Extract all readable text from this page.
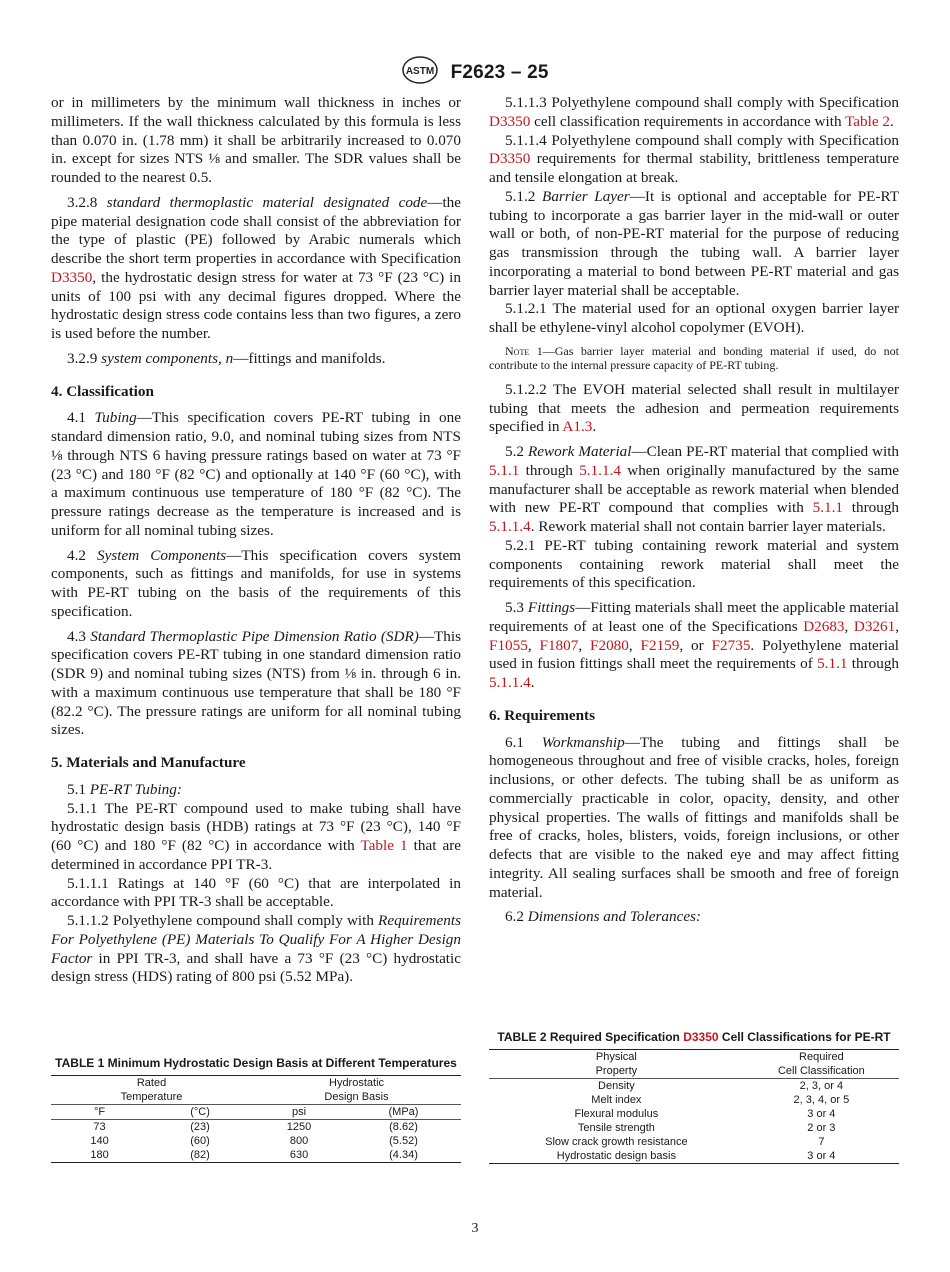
ASTM F2623 – 25

or in millimeters by the minimum wall thickness in inches or millimeters. If the wall thickness calculated by this formula is less than 0.070 in. (1.78 mm) it shall be arbitrarily increased to 0.070 in. except for sizes NTS ⅛ and smaller. The SDR values shall be rounded to the nearest 0.5.

3.2.8 standard thermoplastic material designated code—the pipe material designation code shall consist of the abbreviation for the type of plastic (PE) followed by Arabic numerals which describe the short term properties in accordance with Specification D3350, the hydrostatic design stress for water at 73 °F (23 °C) in units of 100 psi with any decimal figures dropped. Where the hydrostatic design stress code contains less than two figures, a zero is used before the number.

3.2.9 system components, n—fittings and manifolds.

4. Classification

4.1 Tubing—This specification covers PE-RT tubing in one standard dimension ratio, 9.0, and nominal tubing sizes from NTS ⅛ through NTS 6 having pressure ratings based on water at 73 °F (23 °C) and 180 °F (82 °C) and optionally at 140 °F (60 °C), with a maximum continuous use temperature of 180 °F (82 °C). The pressure ratings decrease as the temperature is increased and is uniform for all nominal tubing sizes.

4.2 System Components—This specification covers system components, such as fittings and manifolds, for use in systems with PE-RT tubing on the basis of the requirements of this specification.

4.3 Standard Thermoplastic Pipe Dimension Ratio (SDR)—This specification covers PE-RT tubing in one standard dimension ratio (SDR 9) and nominal tubing sizes (NTS) from ⅛ in. through 6 in. with a maximum continuous use temperature that shall be 180 °F (82.2 °C). The pressure ratings are uniform for all nominal tubing sizes.

5. Materials and Manufacture

5.1 PE-RT Tubing:

5.1.1 The PE-RT compound used to make tubing shall have hydrostatic design basis (HDB) ratings at 73 °F (23 °C), 140 °F (60 °C) and 180 °F (82 °C) in accordance with Table 1 that are determined in accordance PPI TR-3.

5.1.1.1 Ratings at 140 °F (60 °C) that are interpolated in accordance with PPI TR-3 shall be acceptable.

5.1.1.2 Polyethylene compound shall comply with Requirements For Polyethylene (PE) Materials To Qualify For A Higher Design Factor in PPI TR-3, and shall have a 73 °F (23 °C) hydrostatic design stress (HDS) rating of 800 psi (5.52 MPa).

5.1.1.3 Polyethylene compound shall comply with Specification D3350 cell classification requirements in accordance with Table 2.

5.1.1.4 Polyethylene compound shall comply with Specification D3350 requirements for thermal stability, brittleness temperature and tensile elongation at break.

5.1.2 Barrier Layer—It is optional and acceptable for PE-RT tubing to incorporate a gas barrier layer in the mid-wall or outer wall or both, of non-PE-RT material for the purpose of reducing gas transmission through the tubing wall. A barrier layer incorporating a material to bond between PE-RT material and gas barrier layer material shall be acceptable.

5.1.2.1 The material used for an optional oxygen barrier layer shall be ethylene-vinyl alcohol copolymer (EVOH).

Note 1—Gas barrier layer material and bonding material if used, do not contribute to the internal pressure capacity of PE-RT tubing.

5.1.2.2 The EVOH material selected shall result in multilayer tubing that meets the adhesion and permeation requirements specified in A1.3.

5.2 Rework Material—Clean PE-RT material that complied with 5.1.1 through 5.1.1.4 when originally manufactured by the same manufacturer shall be acceptable as rework material when blended with new PE-RT compound that complies with 5.1.1 through 5.1.1.4. Rework material shall not contain barrier layer materials.

5.2.1 PE-RT tubing containing rework material and system components containing rework material shall meet the requirements of this specification.

5.3 Fittings—Fitting materials shall meet the applicable material requirements of at least one of the Specifications D2683, D3261, F1055, F1807, F2080, F2159, or F2735. Polyethylene material used in fusion fittings shall meet the requirements of 5.1.1 through 5.1.1.4.

6. Requirements

6.1 Workmanship—The tubing and fittings shall be homogeneous throughout and free of visible cracks, holes, foreign inclusions, or other defects. The tubing shall be as uniform as commercially practicable in color, opacity, density, and other physical properties. The walls of fittings and manifolds shall be free of cracks, holes, blisters, voids, foreign inclusions, or other defects that are visible to the naked eye and may affect fitting integrity. All sealing surfaces shall be smooth and free of foreign material.

6.2 Dimensions and Tolerances:

TABLE 1 Minimum Hydrostatic Design Basis at Different Temperatures
Rated		Hydrostatic	
Temperature		Design Basis	
°F	(°C)	psi	(MPa)
73	(23)	1250	(8.62)
140	(60)	800	(5.52)
180	(82)	630	(4.34)
TABLE 2 Required Specification D3350 Cell Classifications for PE-RT
Physical	Required
Property	Cell Classification
Density	2, 3, or 4
Melt index	2, 3, 4, or 5
Flexural modulus	3 or 4
Tensile strength	2 or 3
Slow crack growth resistance	7
Hydrostatic design basis	3 or 4
3
